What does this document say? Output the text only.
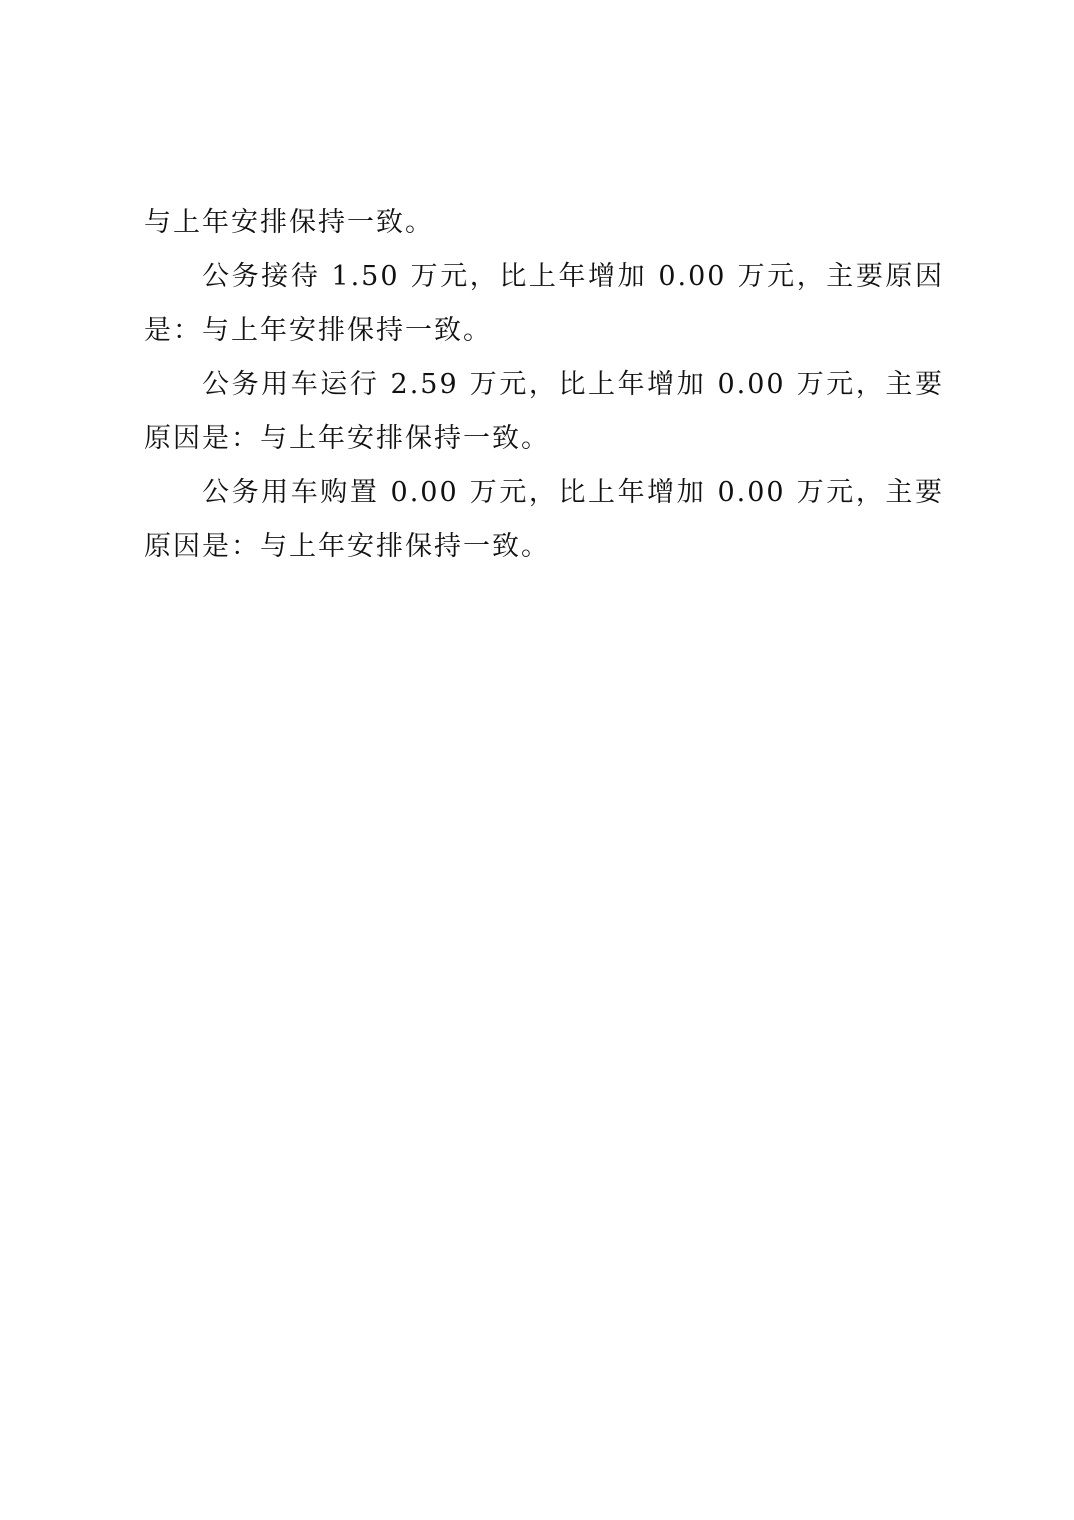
与上年安排保持一致。

公务接待 1.50 万元，比上年增加 0.00 万元，主要原因是：与上年安排保持一致。

公务用车运行 2.59 万元，比上年增加 0.00 万元，主要原因是：与上年安排保持一致。

公务用车购置 0.00 万元，比上年增加 0.00 万元，主要原因是：与上年安排保持一致。
